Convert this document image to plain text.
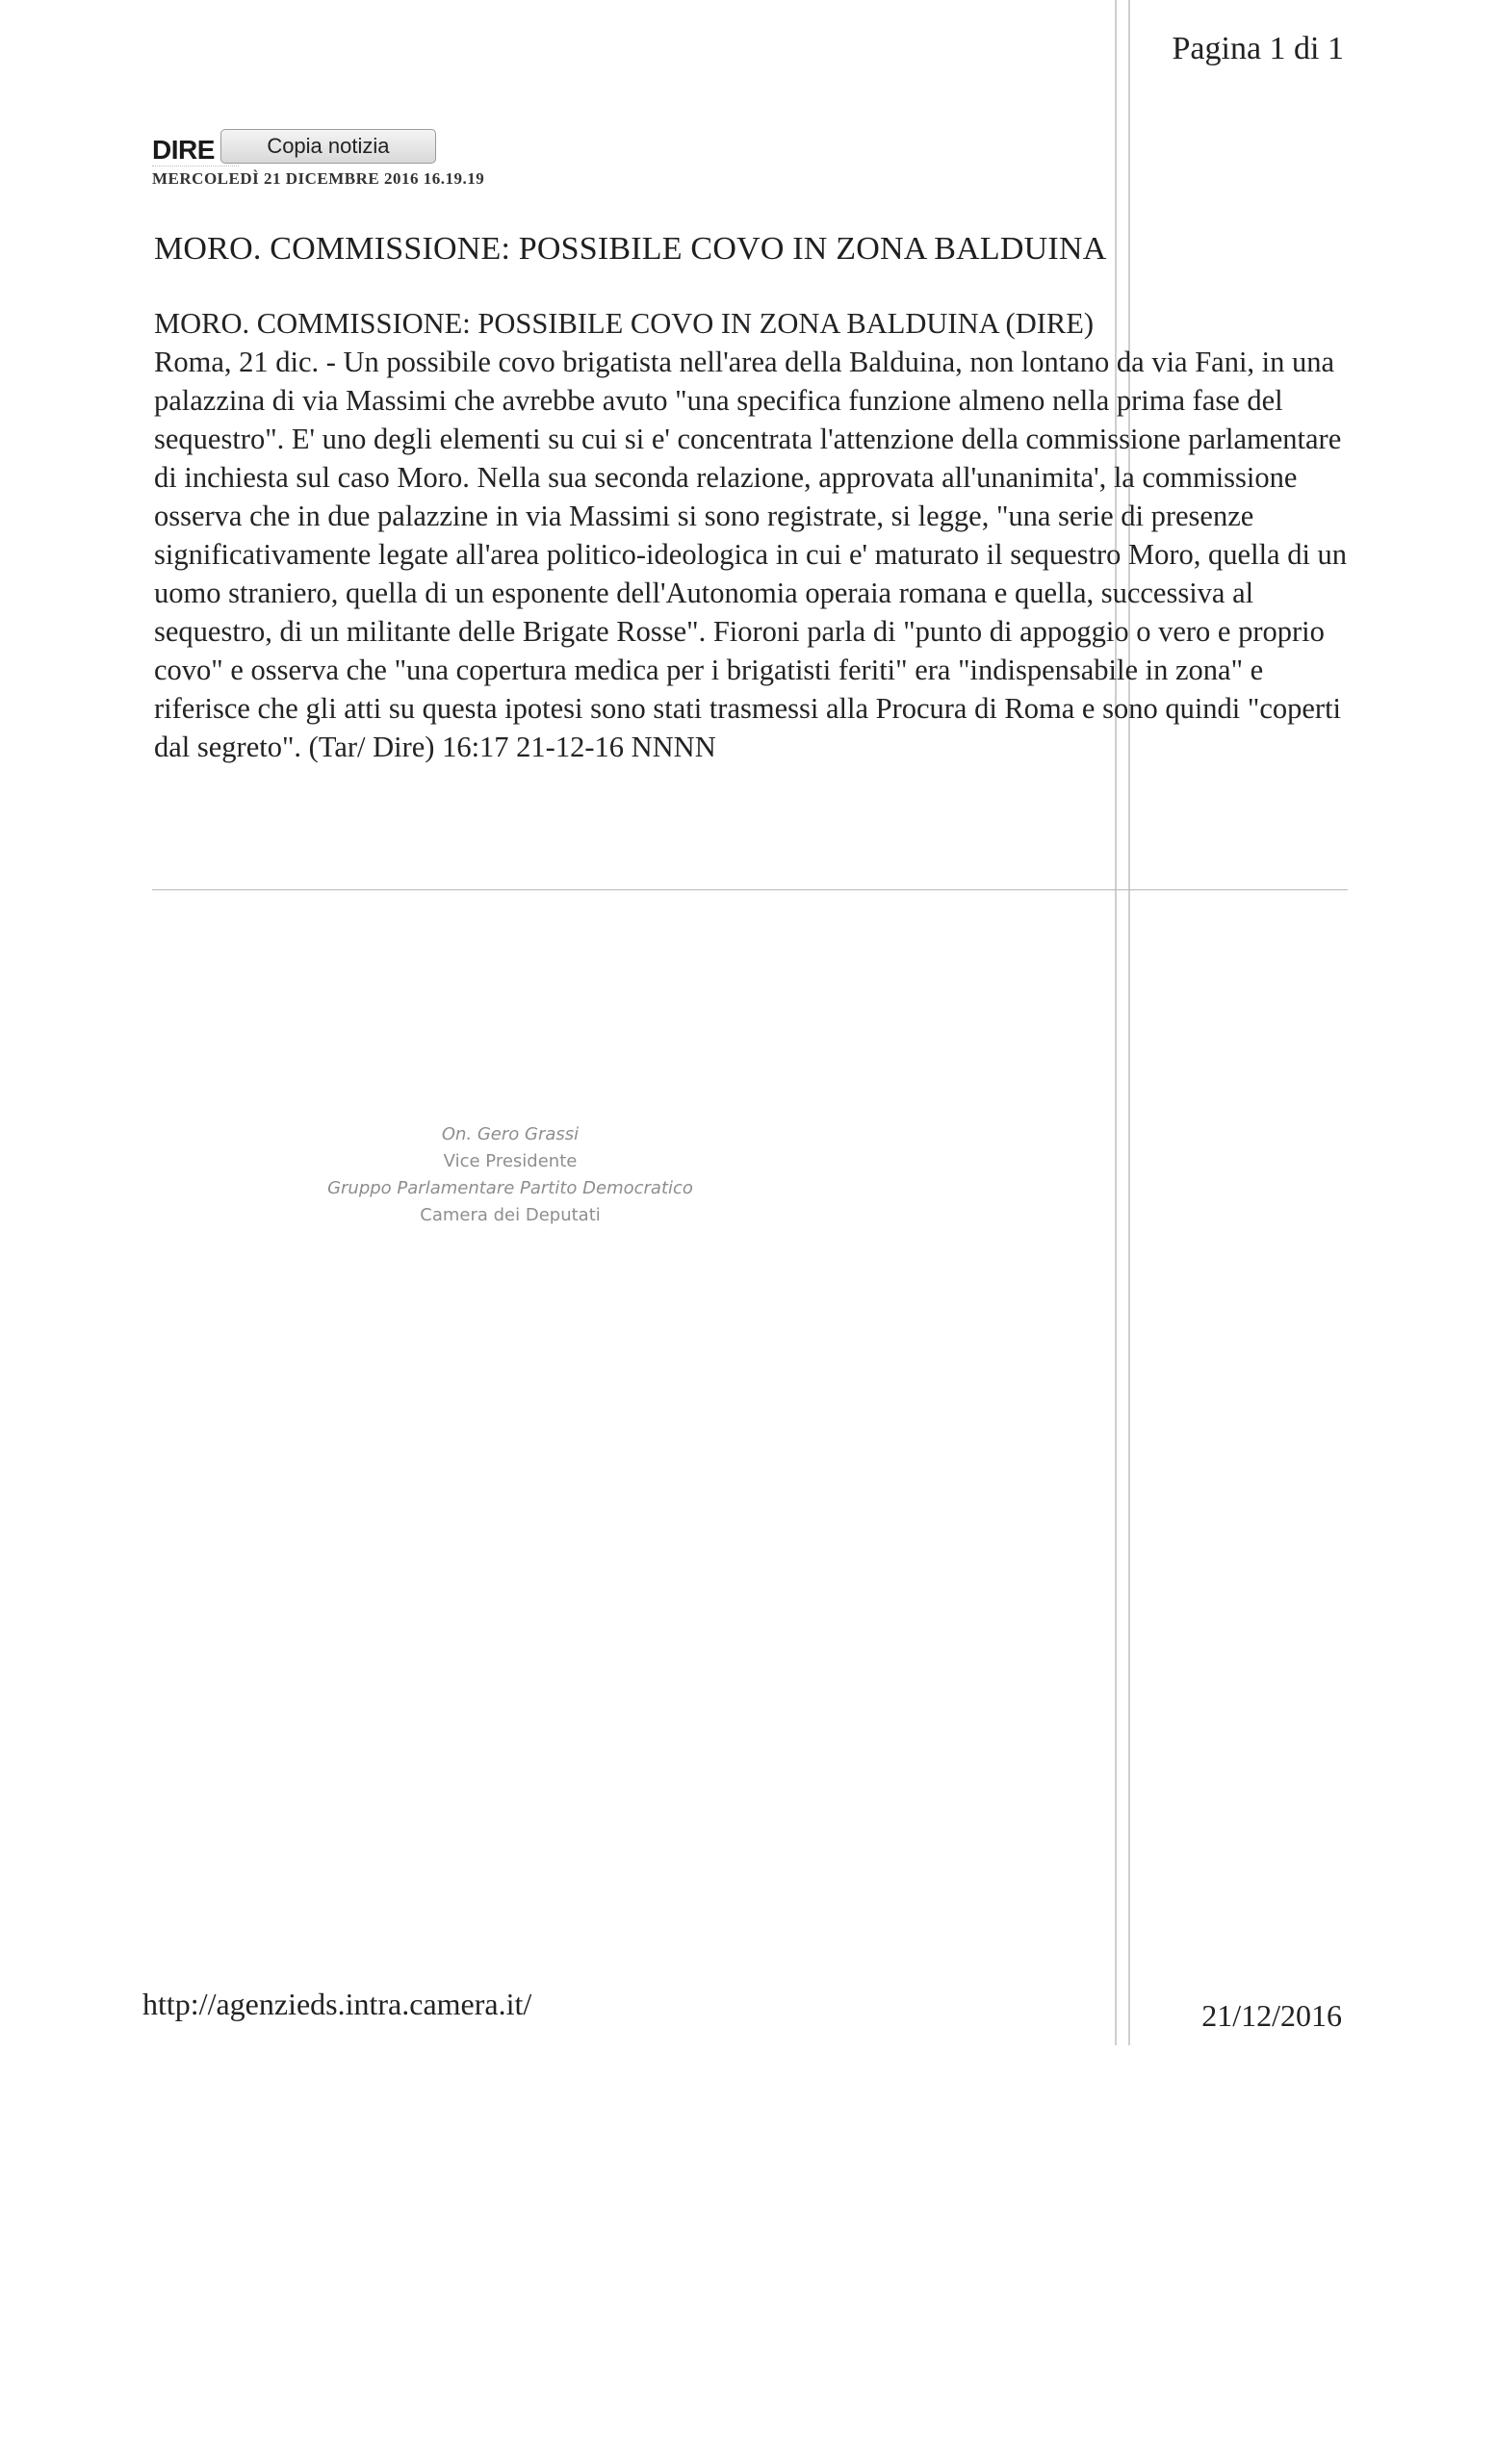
Pagina 1 di 1
DIRE	Copia notizia
MERCOLEDÌ 21 DICEMBRE 2016 16.19.19
MORO. COMMISSIONE: POSSIBILE COVO IN ZONA BALDUINA
MORO. COMMISSIONE: POSSIBILE COVO IN ZONA BALDUINA (DIRE)
Roma, 21 dic. - Un possibile covo brigatista nell'area della Balduina, non lontano da via Fani, in una palazzina di via Massimi che avrebbe avuto "una specifica funzione almeno nella prima fase del sequestro". E' uno degli elementi su cui si e' concentrata l'attenzione della commissione parlamentare di inchiesta sul caso Moro. Nella sua seconda relazione, approvata all'unanimita', la commissione osserva che in due palazzine in via Massimi si sono registrate, si legge, "una serie di presenze significativamente legate all'area politico-ideologica in cui e' maturato il sequestro Moro, quella di un uomo straniero, quella di un esponente dell'Autonomia operaia romana e quella, successiva al sequestro, di un militante delle Brigate Rosse". Fioroni parla di "punto di appoggio o vero e proprio covo" e osserva che "una copertura medica per i brigatisti feriti" era "indispensabile in zona" e riferisce che gli atti su questa ipotesi sono stati trasmessi alla Procura di Roma e sono quindi "coperti dal segreto". (Tar/ Dire) 16:17 21-12-16 NNNN
On. Gero Grassi
Vice Presidente
Gruppo Parlamentare Partito Democratico
Camera dei Deputati
http://agenzieds.intra.camera.it/	21/12/2016
